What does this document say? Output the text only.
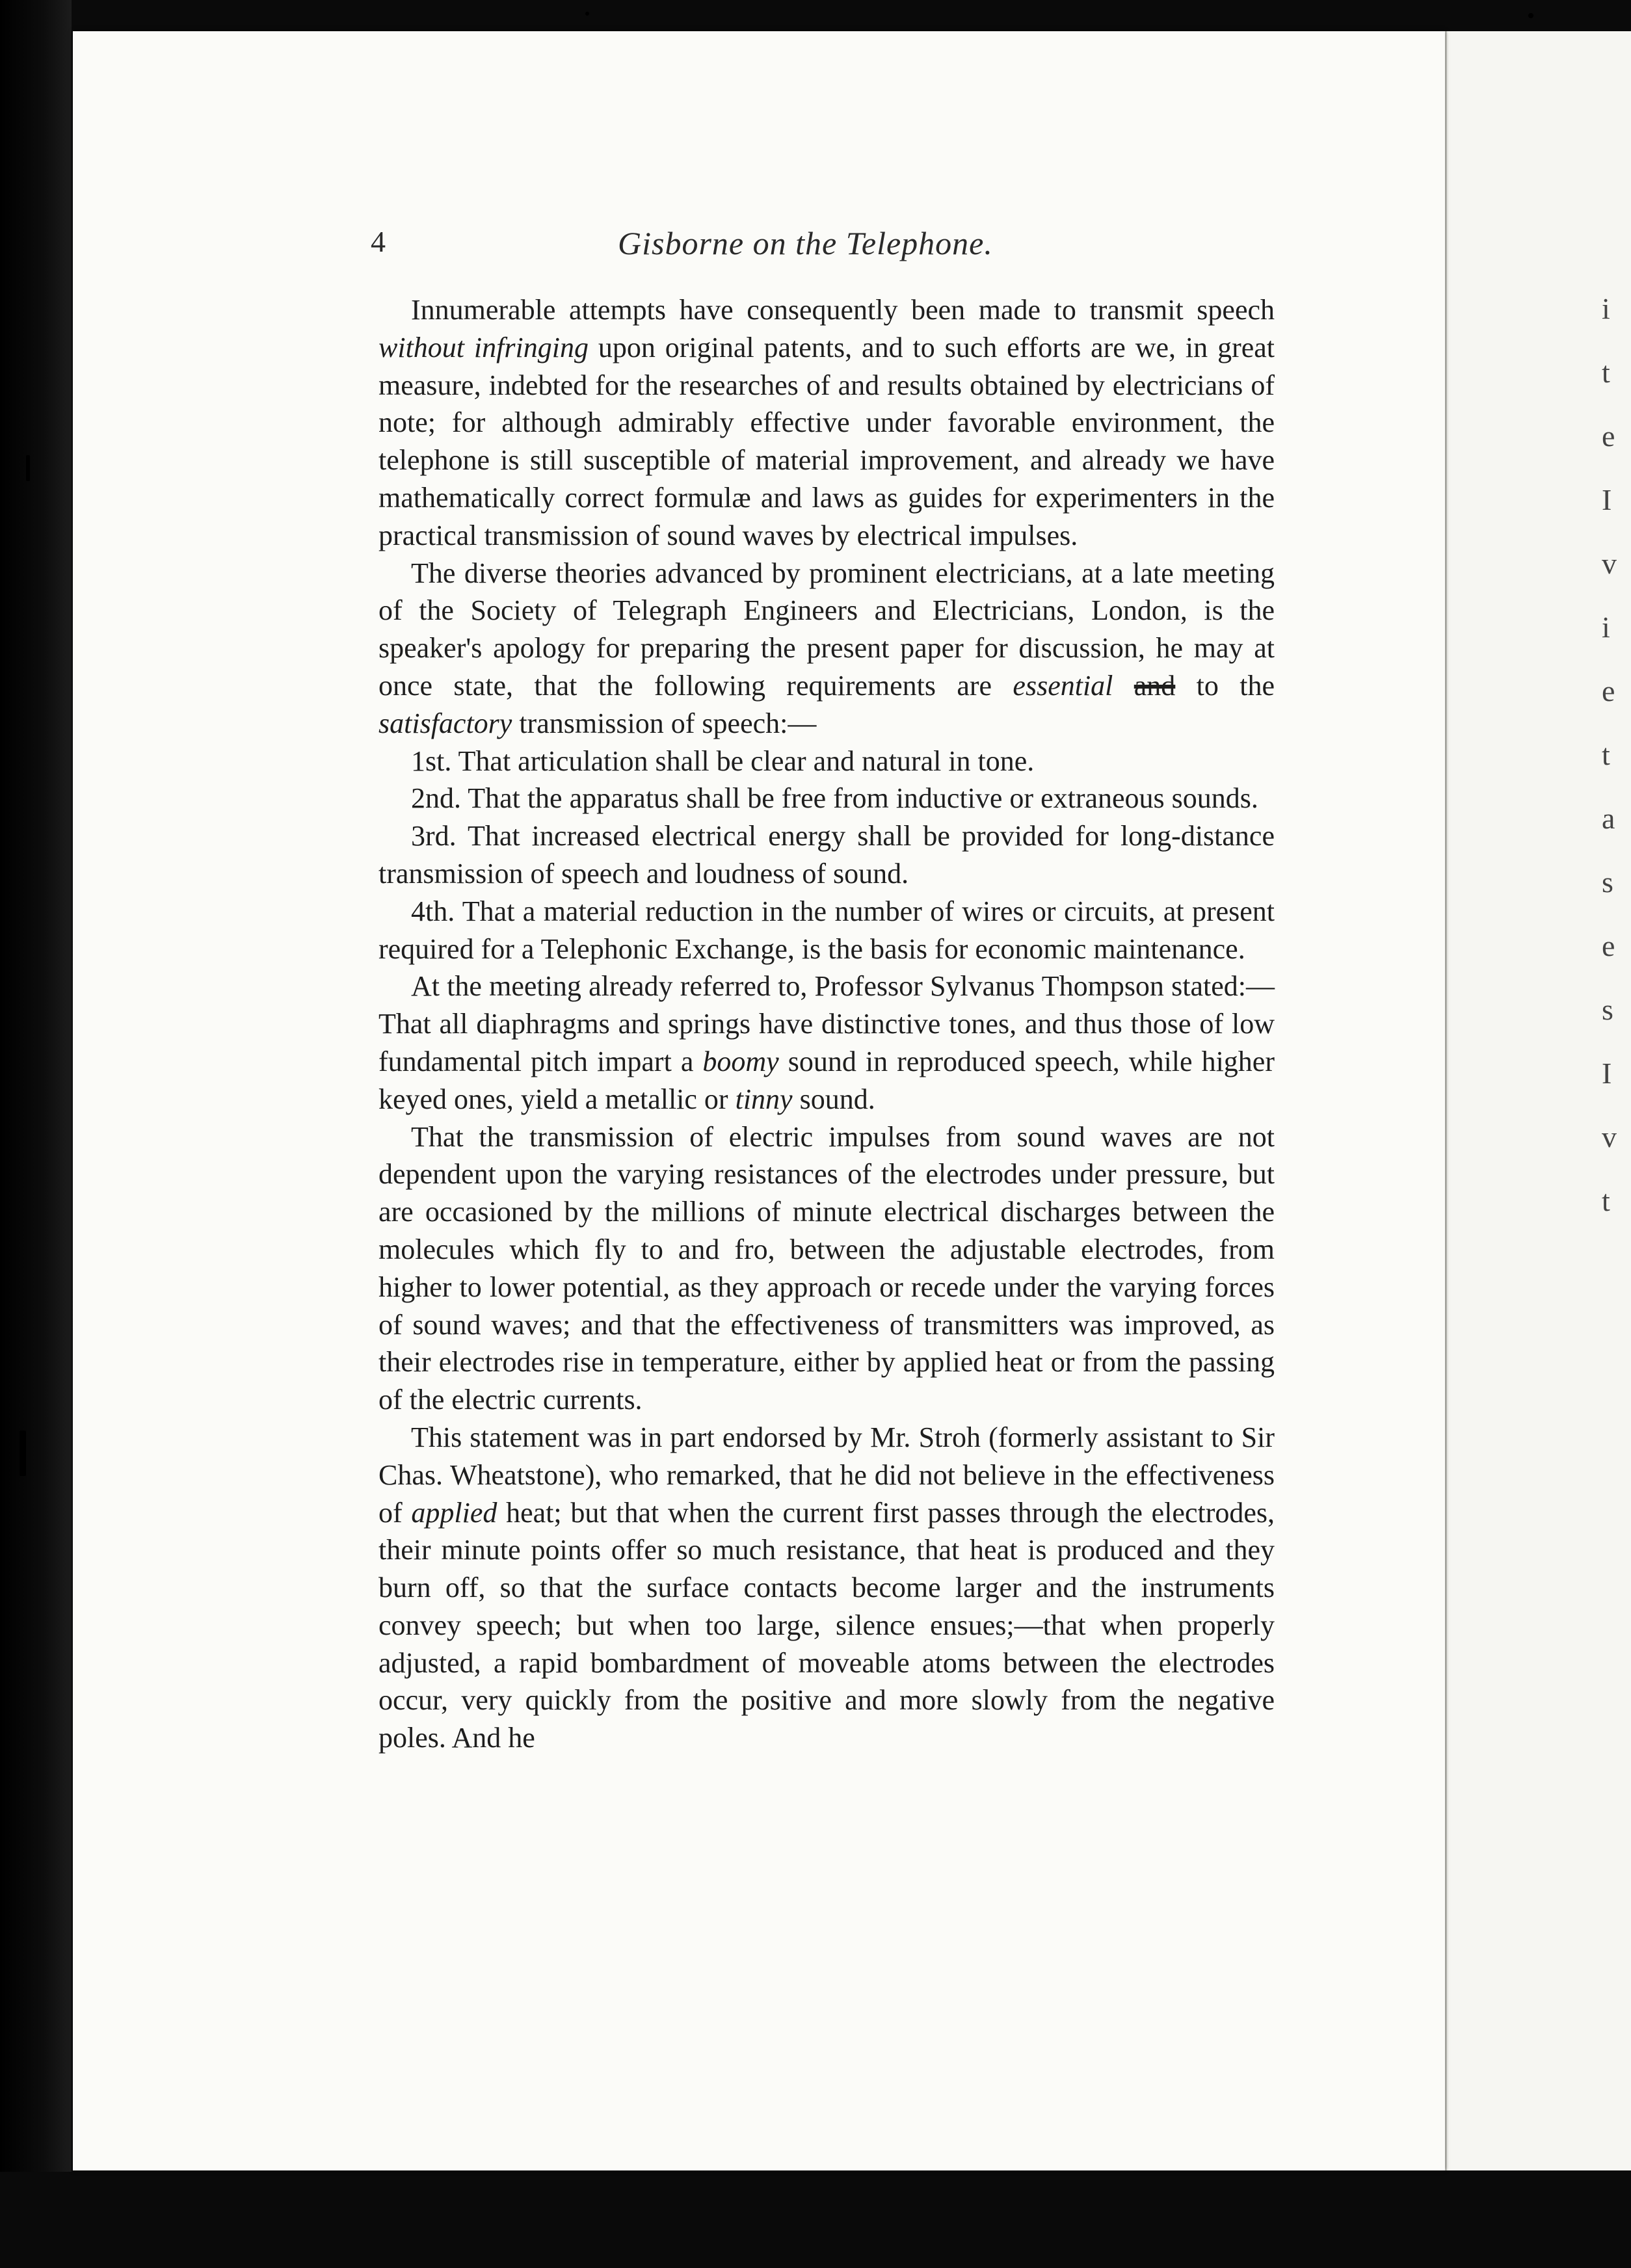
i
t
e
I
v
i
e
t
a
s
e
s
I
v
t
4	Gisborne on the Telephone.

Innumerable attempts have consequently been made to transmit speech without infringing upon original patents, and to such efforts are we, in great measure, indebted for the researches of and results obtained by electricians of note; for although admirably effective under favorable environment, the telephone is still susceptible of material improvement, and already we have mathematically correct formulæ and laws as guides for experimenters in the practical transmission of sound waves by electrical impulses.

The diverse theories advanced by prominent electricians, at a late meeting of the Society of Telegraph Engineers and Electricians, London, is the speaker's apology for preparing the present paper for discussion, he may at once state, that the following requirements are essential and to the satisfactory transmission of speech:—

1st. That articulation shall be clear and natural in tone.

2nd. That the apparatus shall be free from inductive or extraneous sounds.

3rd. That increased electrical energy shall be provided for long-distance transmission of speech and loudness of sound.

4th. That a material reduction in the number of wires or circuits, at present required for a Telephonic Exchange, is the basis for economic maintenance.

At the meeting already referred to, Professor Sylvanus Thompson stated:—That all diaphragms and springs have distinctive tones, and thus those of low fundamental pitch impart a boomy sound in reproduced speech, while higher keyed ones, yield a metallic or tinny sound.

That the transmission of electric impulses from sound waves are not dependent upon the varying resistances of the electrodes under pressure, but are occasioned by the millions of minute electrical discharges between the molecules which fly to and fro, between the adjustable electrodes, from higher to lower potential, as they approach or recede under the varying forces of sound waves; and that the effectiveness of transmitters was improved, as their electrodes rise in temperature, either by applied heat or from the passing of the electric currents.

This statement was in part endorsed by Mr. Stroh (formerly assistant to Sir Chas. Wheatstone), who remarked, that he did not believe in the effectiveness of applied heat; but that when the current first passes through the electrodes, their minute points offer so much resistance, that heat is produced and they burn off, so that the surface contacts become larger and the instruments convey speech; but when too large, silence ensues;—that when properly adjusted, a rapid bombardment of moveable atoms between the electrodes occur, very quickly from the positive and more slowly from the negative poles. And he
